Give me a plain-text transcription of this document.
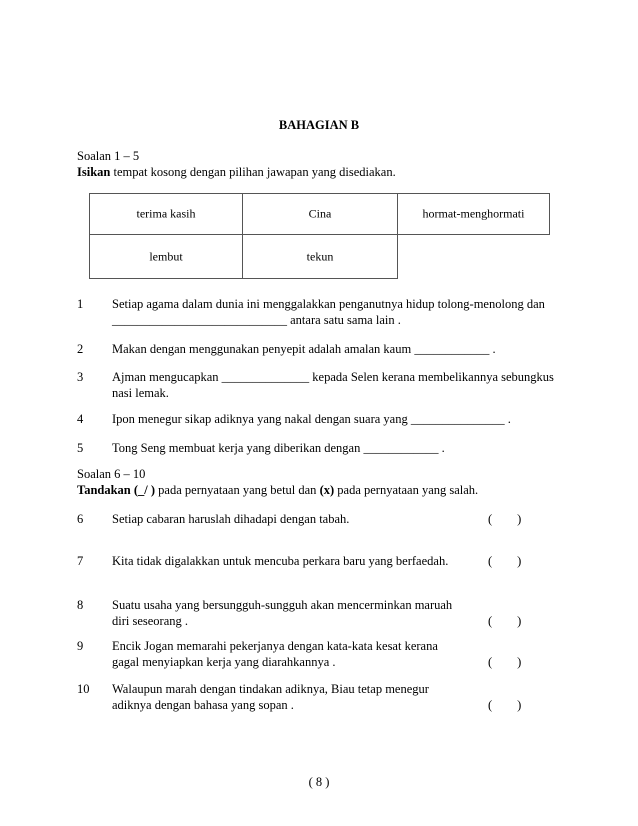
BAHAGIAN B
Soalan 1 – 5
Isikan tempat kosong dengan pilihan jawapan yang disediakan.
terima kasih	Cina	hormat-menghormati
lembut	tekun
1 Setiap agama dalam dunia ini menggalakkan penganutnya hidup tolong-menolong dan
____________________________ antara satu sama lain .
2 Makan dengan menggunakan penyepit adalah amalan kaum ____________ .
3 Ajman mengucapkan ______________ kepada Selen kerana membelikannya sebungkus
nasi lemak.
4 Ipon menegur sikap adiknya yang nakal dengan suara yang _______________ .
5 Tong Seng membuat kerja yang diberikan dengan ____________ .
Soalan 6 – 10
Tandakan (_/ ) pada pernyataan yang betul dan (x) pada pernyataan yang salah.
6 Setiap cabaran haruslah dihadapi dengan tabah.	(        )
7 Kita tidak digalakkan untuk mencuba perkara baru yang berfaedah.	(        )
8 Suatu usaha yang bersungguh-sungguh akan mencerminkan maruah
diri seseorang .	(        )
9 Encik Jogan memarahi pekerjanya dengan kata-kata kesat kerana
gagal menyiapkan kerja yang diarahkannya .	(        )
10 Walaupun marah dengan tindakan adiknya, Biau tetap menegur
adiknya dengan bahasa yang sopan .	(        )
( 8 )
